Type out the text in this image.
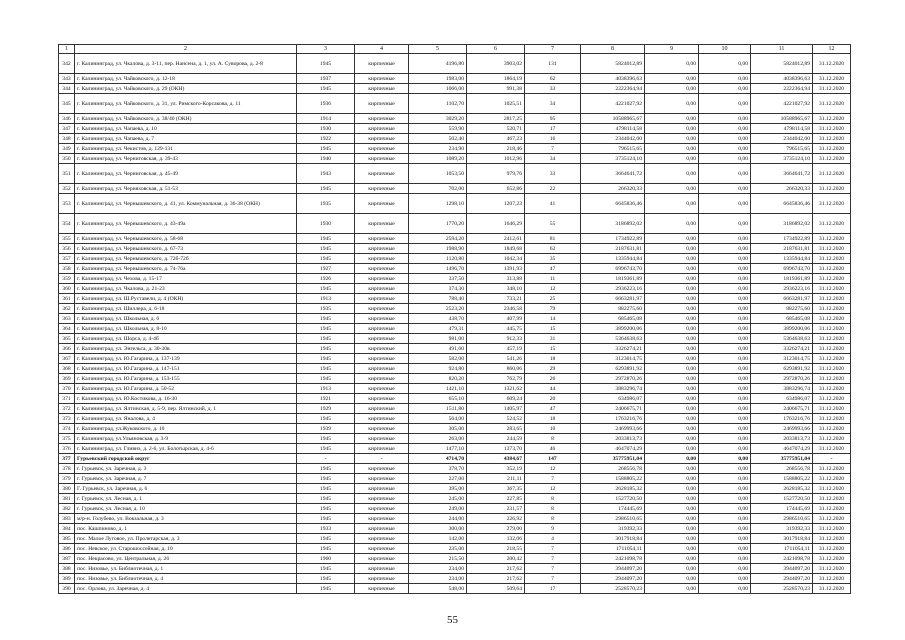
1	2	3	4	5	6	7	8	9	10	11	12
342	г. Калининград, ул. Чкалова, д. 3-11, пер. Нансена, д. 1, ул. А. Суворова, д. 2-8	1945	кирпичные	4196,80	3903,02	131	5824012,89	0,00	0,00	5824012,89	31.12.2020
343	г. Калининград, ул. Чайковского, д. 12-18	1937	кирпичные	1983,00	1864,19	62	4038396,63	0,00	0,00	4038396,63	31.12.2020
344	г. Калининград, ул. Чайковского, д. 29 (ОКН)	1945	кирпичные	1066,00	991,38	33	2222364,94	0,00	0,00	2222364,94	31.12.2020
345	г. Калининград, ул. Чайковского, д. 31, ул. Римского-Корсакова, д. 11	1936	кирпичные	1102,70	1025,51	34	4221027,92	0,00	0,00	4221027,92	31.12.2020
346	г. Калининград, ул. Чайковского, д. 38/40 (ОКН)	1914	кирпичные	3029,20	2817,25	95	10588965,67	0,00	0,00	10588965,67	31.12.2020
347	г. Калининград, ул. Чапаева, д. 10	1930	кирпичные	559,90	520,71	17	4798114,58	0,00	0,00	4798114,58	31.12.2020
348	г. Калининград, ул. Чапаева, д. 7	1922	кирпичные	502,40	467,23	16	2344042,00	0,00	0,00	2344042,00	31.12.2020
349	г. Калининград, ул. Чекистов, д. 129-131	1945	кирпичные	234,90	218,46	7	796515,65	0,00	0,00	796515,65	31.12.2020
350	г. Калининград, ул. Черниговская, д. 39-43	1940	кирпичные	1089,20	1012,96	34	3735124,10	0,00	0,00	3735124,10	31.12.2020
351	г. Калининград, ул. Черниговская, д. 45-49	1943	кирпичные	1053,50	979,76	33	3664641,72	0,00	0,00	3664641,72	31.12.2020
352	г. Калининград, ул. Черняховская, д. 51-53	1945	кирпичные	702,00	652,86	22	266320,33	0,00	0,00	266320,33	31.12.2020
353	г. Калининград, ул. Чернышевского, д. 41, ул. Коммунальная, д. 36-38 (ОКН)	1935	кирпичные	1298,10	1207,23	41	6645836,46	0,00	0,00	6645836,46	31.12.2020
354	г. Калининград, ул. Чернышевского, д. 43-49а	1930	кирпичные	1770,20	1646,29	55	3186892,02	0,00	0,00	3186892,02	31.12.2020
355	г. Калининград, ул. Чернышевского, д. 58-68	1945	кирпичные	2594,20	2412,61	81	1734922,89	0,00	0,00	1734922,89	31.12.2020
356	г. Калининград, ул. Чернышевского, д. 67-73	1945	кирпичные	1988,90	1849,68	62	2187631,81	0,00	0,00	2187631,81	31.12.2020
357	г. Калининград, ул. Чернышевского, д. 72б-72б	1945	кирпичные	1120,80	1042,34	35	1335944,84	0,00	0,00	1335944,84	31.12.2020
358	г. Калининград, ул. Чернышевского, д. 74-76а	1927	кирпичные	1496,70	1391,93	47	6996743,70	0,00	0,00	6996743,70	31.12.2020
359	г. Калининград, ул. Чехова, д. 15-17	1926	кирпичные	337,50	313,88	11	1819361,89	0,00	0,00	1819361,89	31.12.2020
360	г. Калининград, ул. Чкалова, д. 21-23	1945	кирпичные	374,30	348,10	12	2936223,16	0,00	0,00	2936223,16	31.12.2020
361	г. Калининград, ул. Ш.Руставели, д. 4 (ОКН)	1913	кирпичные	788,40	733,21	25	6663281,97	0,00	0,00	6663281,97	31.12.2020
362	г. Калининград, ул. Шиллера, д. 6-18	1935	кирпичные	2523,20	2346,58	79	882275,60	0,00	0,00	882275,60	31.12.2020
363	г. Калининград, ул. Школьная, д. 6	1945	кирпичные	438,70	407,99	14	685465,08	0,00	0,00	685465,08	31.12.2020
364	г. Калининград, ул. Школьная, д. 8-10	1945	кирпичные	479,31	445,75	15	3899200,06	0,00	0,00	3899200,06	31.12.2020
365	г. Калининград, ул. Шорса, д. 4-4б	1945	кирпичные	981,00	912,33	31	5364638,63	0,00	0,00	5364638,63	31.12.2020
366	г. Калининград, ул. Энгельса, д. 30-30в	1945	кирпичные	491,60	457,19	15	3326274,21	0,00	0,00	3326274,21	31.12.2020
367	г. Калининград, ул. Ю.Гагарина, д. 137-139	1945	кирпичные	582,00	541,26	18	3123014,75	0,00	0,00	3123014,75	31.12.2020
368	г. Калининград, ул. Ю.Гагарина, д. 147-151	1945	кирпичные	924,80	860,06	29	6293891,92	0,00	0,00	6293891,92	31.12.2020
369	г. Калининград, ул. Ю.Гагарина, д. 153-155	1945	кирпичные	820,20	762,79	26	2972870,26	0,00	0,00	2972870,26	31.12.2020
370	г. Калининград, ул. Ю.Гагарина, д. 50-52	1913	кирпичные	1421,10	1321,62	44	3883296,74	0,00	0,00	3883296,74	31.12.2020
371	г. Калининград, ул. Ю.Костикова, д. 16-30	1921	кирпичные	655,10	609,24	20	634986,07	0,00	0,00	634986,07	31.12.2020
372	г. Калининград, ул. Ялтинская, д. 5-9, пер. Ялтинский, д. 1	1929	кирпичные	1511,80	1405,97	47	2406675,71	0,00	0,00	2406675,71	31.12.2020
373	г. Калининград, ул. Яналова, д. 4	1945	кирпичные	564,00	524,52	18	1763216,76	0,00	0,00	1763216,76	31.12.2020
374	г. Калининград, ул.Жуковского, д. 10	1939	кирпичные	305,00	283,65	10	2469993,66	0,00	0,00	2469993,66	31.12.2020
375	г. Калининград, ул.Ульяновская, д. 3-9	1945	кирпичные	263,00	244,59	8	2033813,73	0,00	0,00	2033813,73	31.12.2020
376	г. Калининград, ул. Гливнэ, д. 2-6, ул. Болотырская, д. 4-6	1945	кирпичные	1477,10	1373,70	46	4647074,29	0,00	0,00	4647074,29	31.12.2020
377	Гурьевский городской округ	-	-	4714,70	4384,67	147	35775951,04	0,00	0,00	35775951,04	-
378	г. Гурьевск, ул. Заречная, д. 3	1945	кирпичные	378,70	352,19	12	268556,78	0,00	0,00	268556,78	31.12.2020
379	г. Гурьевск, ул. Заречная, д. 7	1945	кирпичные	227,00	211,11	7	1588805,22	0,00	0,00	1588805,22	31.12.2020
380	Г. Гурьевск, ул. Заречная, д. 6	1945	кирпичные	395,00	367,35	12	2628185,32	0,00	0,00	2628185,32	31.12.2020
381	г. Гурьевск, ул. Лесная, д. 1	1945	кирпичные	245,00	227,85	8	1527720,50	0,00	0,00	1527720,50	31.12.2020
382	г. Гурьевск, ул. Лесная, д. 10	1945	кирпичные	249,00	231,57	8	174445,69	0,00	0,00	174445,69	31.12.2020
383	м/р-н. Голубево, ул. Вокзальная, д. 3	1945	кирпичные	244,00	226,92	8	2986510,65	0,00	0,00	2986510,65	31.12.2020
384	пос. Кашпиново, д. 1	1933	кирпичные	300,00	279,00	9	319392,33	0,00	0,00	319392,33	31.12.2020
385	пос. Малое Луговое, ул. Пролетарская, д. 3	1945	кирпичные	142,00	132,06	4	3017918,84	0,00	0,00	3017918,84	31.12.2020
386	пос. Невское, ул. Старошоссейная, д. 10	1945	кирпичные	235,00	218,55	7	1711054,11	0,00	0,00	1711054,11	31.12.2020
387	пос. Некрасово, ул. Центральная, д. 26	1960	кирпичные	215,50	200,42	7	2421098,78	0,00	0,00	2421098,78	31.12.2020
388	пос. Низовье, ул. Библиотечная, д. 1	1945	кирпичные	234,00	217,62	7	3944097,20	0,00	0,00	3944097,20	31.12.2020
389	пос. Низовье, ул. Библиотечная, д. 4	1945	кирпичные	234,00	217,62	7	2944097,20	0,00	0,00	2944097,20	31.12.2020
390	пос. Орлова, ул. Заречная, д. 4	1945	кирпичные	548,00	509,64	17	2528570,23	0,00	0,00	2528570,23	31.12.2020
55
